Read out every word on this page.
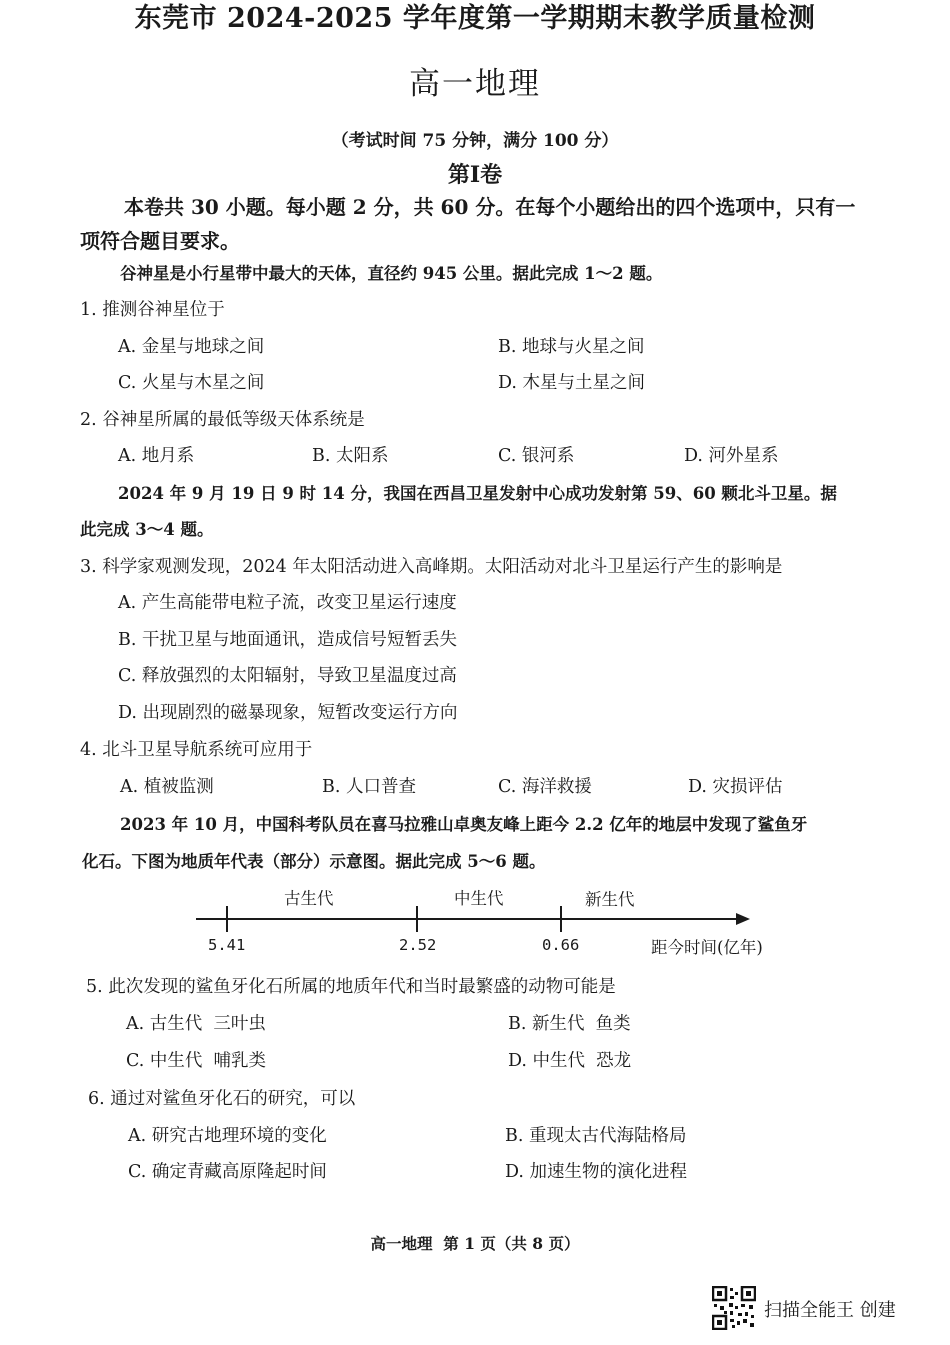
东莞市 2024-2025 学年度第一学期期末教学质量检测
高一地理
（考试时间 75 分钟，满分 100 分）
第I卷
本卷共 30 小题。每小题 2 分，共 60 分。在每个小题给出的四个选项中，只有一
项符合题目要求。
谷神星是小行星带中最大的天体，直径约 945 公里。据此完成 1～2 题。
1. 推测谷神星位于
A. 金星与地球之间	B. 地球与火星之间
C. 火星与木星之间	D. 木星与土星之间
2. 谷神星所属的最低等级天体系统是
A. 地月系	B. 太阳系	C. 银河系	D. 河外星系
2024 年 9 月 19 日 9 时 14 分，我国在西昌卫星发射中心成功发射第 59、60 颗北斗卫星。据
此完成 3～4 题。
3. 科学家观测发现，2024 年太阳活动进入高峰期。太阳活动对北斗卫星运行产生的影响是
A. 产生高能带电粒子流，改变卫星运行速度
B. 干扰卫星与地面通讯，造成信号短暂丢失
C. 释放强烈的太阳辐射，导致卫星温度过高
D. 出现剧烈的磁暴现象，短暂改变运行方向
4. 北斗卫星导航系统可应用于
A. 植被监测	B. 人口普查	C. 海洋救援	D. 灾损评估
2023 年 10 月，中国科考队员在喜马拉雅山卓奥友峰上距今 2.2 亿年的地层中发现了鲨鱼牙
化石。下图为地质年代表（部分）示意图。据此完成 5～6 题。
古生代	中生代	新生代
5.41	2.52	0.66	距今时间(亿年)
5. 此次发现的鲨鱼牙化石所属的地质年代和当时最繁盛的动物可能是
A. 古生代  三叶虫	B. 新生代  鱼类
C. 中生代  哺乳类	D. 中生代  恐龙
6. 通过对鲨鱼牙化石的研究，可以
A. 研究古地理环境的变化	B. 重现太古代海陆格局
C. 确定青藏高原隆起时间	D. 加速生物的演化进程
高一地理  第 1 页（共 8 页）
扫描全能王 创建
